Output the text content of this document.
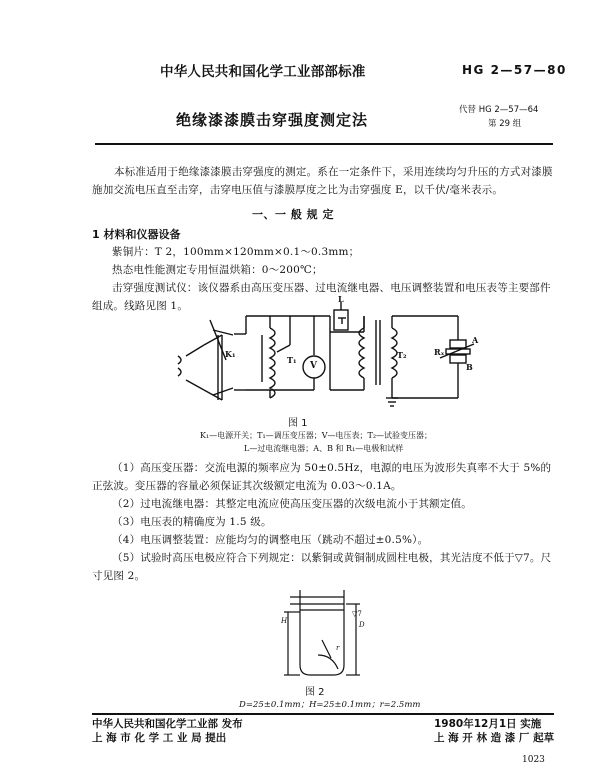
中华人民共和国化学工业部部标准
绝缘漆漆膜击穿强度测定法
HG 2—57—80
代替 HG 2—57—64
第 29 组
本标准适用于绝缘漆漆膜击穿强度的测定。系在一定条件下，采用连续均匀升压的方式对漆膜施加交流电压直至击穿，击穿电压值与漆膜厚度之比为击穿强度 E，以千伏/毫米表示。
一、一 般 规 定
1 材料和仪器设备
紫铜片：T 2，100mm×120mm×0.1～0.3mm；
热态电性能测定专用恒温烘箱：0～200℃；
击穿强度测试仪：该仪器系由高压变压器、过电流继电器、电压调整装置和电压表等主要部件组成。线路见图 1。
K₁
T₁
V
L
T₂	Rₓ
A
B
图 1
K₁—电源开关；T₁—调压变压器；V—电压表；T₂—试验变压器；
L—过电流继电器；A、B 和 R₁—电极和试样

（1）高压变压器：交流电源的频率应为 50±0.5Hz，电源的电压为波形失真率不大于 5%的正弦波。变压器的容量必须保证其次级额定电流为 0.03～0.1A。

（2）过电流继电器：其整定电流应使高压变压器的次级电流小于其额定值。

（3）电压表的精确度为 1.5 级。

（4）电压调整装置：应能均匀的调整电压（跳动不超过±0.5%）。

（5）试验时高压电极应符合下列规定：以紫铜或黄铜制成圆柱电极，其光洁度不低于▽7。尺寸见图 2。

H	D
▽7
r
图 2
D=25±0.1mm；H=25±0.1mm；r=2.5mm
中华人民共和国化学工业部 发布
上 海 市 化 学 工 业 局 提出
1980年12月1日 实施
上 海 开 林 造 漆 厂 起草
1023
